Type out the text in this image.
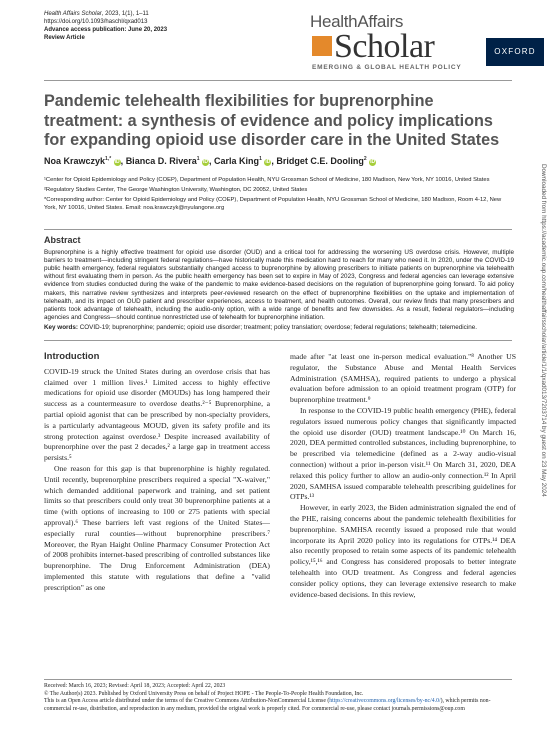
Health Affairs Scholar, 2023, 1(1), 1–11
https://doi.org/10.1093/haschl/qxad013
Advance access publication: June 20, 2023
Review Article
HealthAffairs
Scholar
EMERGING & GLOBAL HEALTH POLICY
OXFORD
Pandemic telehealth flexibilities for buprenorphine treatment: a synthesis of evidence and policy implications for expanding opioid use disorder care in the United States
Noa Krawczyk$^{1,*}$ iD, Bianca D. Rivera$^1$ iD, Carla King$^1$ iD, Bridget C.E. Dooling$^2$ iD

¹Center for Opioid Epidemiology and Policy (COEP), Department of Population Health, NYU Grossman School of Medicine, 180 Madison, New York, NY 10016, United States

²Regulatory Studies Center, The George Washington University, Washington, DC 20052, United States

*Corresponding author: Center for Opioid Epidemiology and Policy (COEP), Department of Population Health, NYU Grossman School of Medicine, 180 Madison, Room 4-12, New York, NY 10016, United States. Email: noa.krawczyk@nyulangone.org

Abstract

Buprenorphine is a highly effective treatment for opioid use disorder (OUD) and a critical tool for addressing the worsening US overdose crisis. However, multiple barriers to treatment—including stringent federal regulations—have historically made this medication hard to reach for many who need it. In 2020, under the COVID-19 public health emergency, federal regulators substantially changed access to buprenorphine by allowing prescribers to initiate patients on buprenorphine via telehealth without first evaluating them in person. As the public health emergency has been set to expire in May of 2023, Congress and federal agencies can leverage extensive evidence from studies conducted during the wake of the pandemic to make evidence-based decisions on the regulation of buprenorphine going forward. To aid policy makers, this narrative review synthesizes and interprets peer-reviewed research on the effect of buprenorphine flexibilities on the uptake and implementation of telehealth, and its impact on OUD patient and prescriber experiences, access to treatment, and health outcomes. Overall, our review finds that many prescribers and patients took advantage of telehealth, including the audio-only option, with a wide range of benefits and few downsides. As a result, federal regulators—including agencies and Congress—should continue nonrestricted use of telehealth for buprenorphine initiation.

Key words: COVID-19; buprenorphine; pandemic; opioid use disorder; treatment; policy translation; overdose; federal regulations; telehealth; telemedicine.

Introduction

COVID-19 struck the United States during an overdose crisis that has claimed over 1 million lives.¹ Limited access to highly effective medications for opioid use disorder (MOUDs) has long hampered their success as a countermeasure to overdose deaths.²⁻⁵ Buprenorphine, a partial opioid agonist that can be prescribed by non-specialty providers, is a particularly advantageous MOUD, given its safety profile and its strong protection against overdose.³ Despite increased availability of buprenorphine over the past 2 decades,² a large gap in treatment access persists.⁵

One reason for this gap is that buprenorphine is highly regulated. Until recently, buprenorphine prescribers required a special "X-waiver," which demanded additional paperwork and training, and set patient limits so that prescribers could only treat 30 buprenorphine patients at a time (with options of increasing to 100 or 275 patients with special approval).⁶ These barriers left vast regions of the United States—especially rural counties—without buprenorphine prescribers.⁷ Moreover, the Ryan Haight Online Pharmacy Consumer Protection Act of 2008 prohibits internet-based prescribing of controlled substances like buprenorphine. The Drug Enforcement Administration (DEA) implemented this statute with regulations that define a "valid prescription" as one

made after "at least one in-person medical evaluation."⁸ Another US regulator, the Substance Abuse and Mental Health Services Administration (SAMHSA), required patients to undergo a physical evaluation before admission to an opioid treatment program (OTP) for buprenorphine treatment.⁹

In response to the COVID-19 public health emergency (PHE), federal regulators issued numerous policy changes that significantly impacted the opioid use disorder (OUD) treatment landscape.¹⁰ On March 16, 2020, DEA permitted controlled substances, including buprenorphine, to be prescribed via telemedicine (defined as a 2-way audio-visual connection) without a prior in-person visit.¹¹ On March 31, 2020, DEA relaxed this policy further to allow an audio-only connection.¹² In April 2020, SAMHSA issued comparable telehealth prescribing guidelines for OTPs.¹³

However, in early 2023, the Biden administration signaled the end of the PHE, raising concerns about the pandemic telehealth flexibilities for buprenorphine. SAMHSA recently issued a proposed rule that would incorporate its April 2020 policy into its regulations for OTPs.¹⁴ DEA also recently proposed to retain some aspects of its pandemic telehealth policy,¹⁵,¹⁶ and Congress has considered proposals to better integrate telehealth into OUD treatment. As Congress and federal agencies consider policy options, they can leverage extensive research to make evidence-based decisions. In this review,

Received: March 16, 2023; Revised: April 18, 2023; Accepted: April 22, 2023

© The Author(s) 2023. Published by Oxford University Press on behalf of Project HOPE - The People-To-People Health Foundation, Inc.

This is an Open Access article distributed under the terms of the Creative Commons Attribution-NonCommercial License (https://creativecommons.org/licenses/by-nc/4.0/), which permits non-commercial re-use, distribution, and reproduction in any medium, provided the original work is properly cited. For commercial re-use, please contact journals.permissions@oup.com

Downloaded from https://academic.oup.com/healthaffairsscholar/article/1/1/qxad013/7203714 by guest on 23 May 2024
